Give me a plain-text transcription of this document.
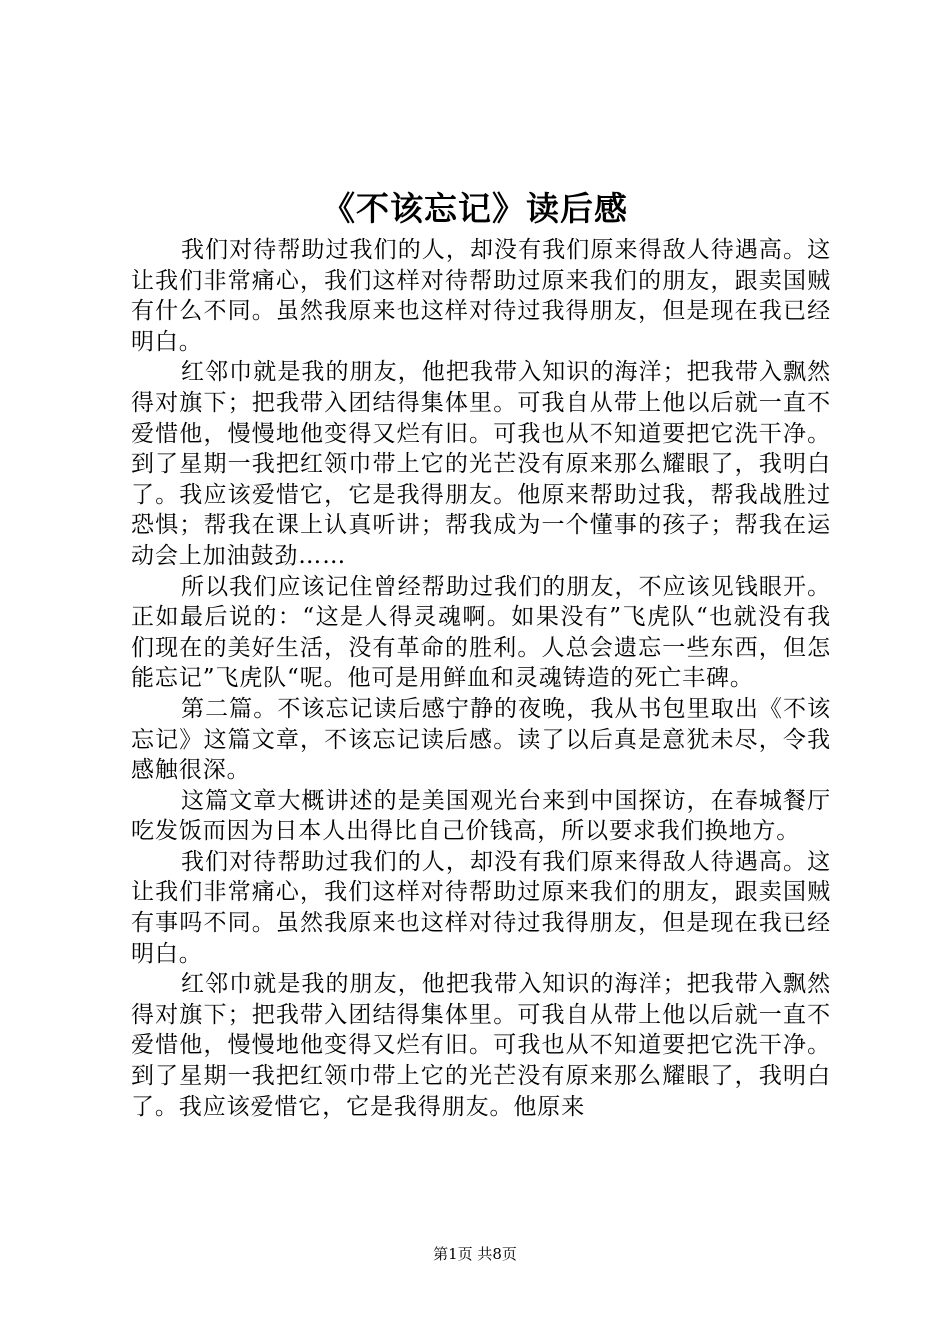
《不该忘记》读后感

我们对待帮助过我们的人，却没有我们原来得敌人待遇高。这让我们非常痛心，我们这样对待帮助过原来我们的朋友，跟卖国贼有什么不同。虽然我原来也这样对待过我得朋友，但是现在我已经明白。

红邻巾就是我的朋友，他把我带入知识的海洋；把我带入飘然得对旗下；把我带入团结得集体里。可我自从带上他以后就一直不爱惜他，慢慢地他变得又烂有旧。可我也从不知道要把它洗干净。到了星期一我把红领巾带上它的光芒没有原来那么耀眼了，我明白了。我应该爱惜它，它是我得朋友。他原来帮助过我，帮我战胜过恐惧；帮我在课上认真听讲；帮我成为一个懂事的孩子；帮我在运动会上加油鼓劲……

所以我们应该记住曾经帮助过我们的朋友，不应该见钱眼开。正如最后说的：“这是人得灵魂啊。如果没有”飞虎队“也就没有我们现在的美好生活，没有革命的胜利。人总会遗忘一些东西，但怎能忘记”飞虎队“呢。他可是用鲜血和灵魂铸造的死亡丰碑。

第二篇。不该忘记读后感宁静的夜晚，我从书包里取出《不该忘记》这篇文章，不该忘记读后感。读了以后真是意犹未尽，令我感触很深。

这篇文章大概讲述的是美国观光台来到中国探访，在春城餐厅吃发饭而因为日本人出得比自己价钱高，所以要求我们换地方。

我们对待帮助过我们的人，却没有我们原来得敌人待遇高。这让我们非常痛心，我们这样对待帮助过原来我们的朋友，跟卖国贼有事吗不同。虽然我原来也这样对待过我得朋友，但是现在我已经明白。

红邻巾就是我的朋友，他把我带入知识的海洋；把我带入飘然得对旗下；把我带入团结得集体里。可我自从带上他以后就一直不爱惜他，慢慢地他变得又烂有旧。可我也从不知道要把它洗干净。到了星期一我把红领巾带上它的光芒没有原来那么耀眼了，我明白了。我应该爱惜它，它是我得朋友。他原来

第1页 共8页
